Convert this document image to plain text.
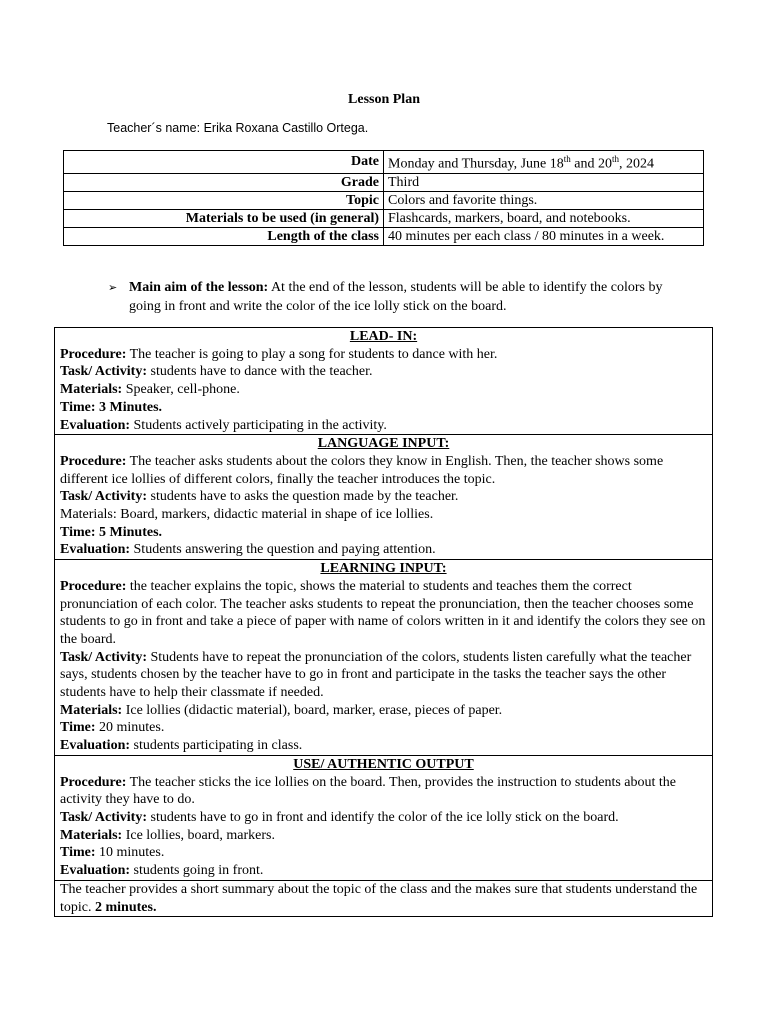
Lesson Plan
Teacher´s name: Erika Roxana Castillo Ortega.
Date	Monday and Thursday, June 18th and 20th, 2024
Grade	Third
Topic	Colors and favorite things.
Materials to be used (in general)	Flashcards, markers, board, and notebooks.
Length of the class	40 minutes per each class / 80 minutes in a week.
➢ Main aim of the lesson: At the end of the lesson, students will be able to identify the colors by going in front and write the color of the ice lolly stick on the board.
LEAD- IN:
Procedure: The teacher is going to play a song for students to dance with her.
Task/ Activity: students have to dance with the teacher.
Materials: Speaker, cell-phone.
Time: 3 Minutes.
Evaluation: Students actively participating in the activity.
LANGUAGE INPUT:
Procedure: The teacher asks students about the colors they know in English. Then, the teacher shows some different ice lollies of different colors, finally the teacher introduces the topic.
Task/ Activity: students have to asks the question made by the teacher.
Materials: Board, markers, didactic material in shape of ice lollies.
Time: 5 Minutes.
Evaluation: Students answering the question and paying attention.
LEARNING INPUT:
Procedure: the teacher explains the topic, shows the material to students and teaches them the correct pronunciation of each color. The teacher asks students to repeat the pronunciation, then the teacher chooses some students to go in front and take a piece of paper with name of colors written in it and identify the colors they see on the board.
Task/ Activity: Students have to repeat the pronunciation of the colors, students listen carefully what the teacher says, students chosen by the teacher have to go in front and participate in the tasks the teacher says the other students have to help their classmate if needed.
Materials: Ice lollies (didactic material), board, marker, erase, pieces of paper.
Time: 20 minutes.
Evaluation: students participating in class.
USE/ AUTHENTIC OUTPUT
Procedure: The teacher sticks the ice lollies on the board. Then, provides the instruction to students about the activity they have to do.
Task/ Activity: students have to go in front and identify the color of the ice lolly stick on the board.
Materials: Ice lollies, board, markers.
Time: 10 minutes.
Evaluation: students going in front.
The teacher provides a short summary about the topic of the class and the makes sure that students understand the topic. 2 minutes.
